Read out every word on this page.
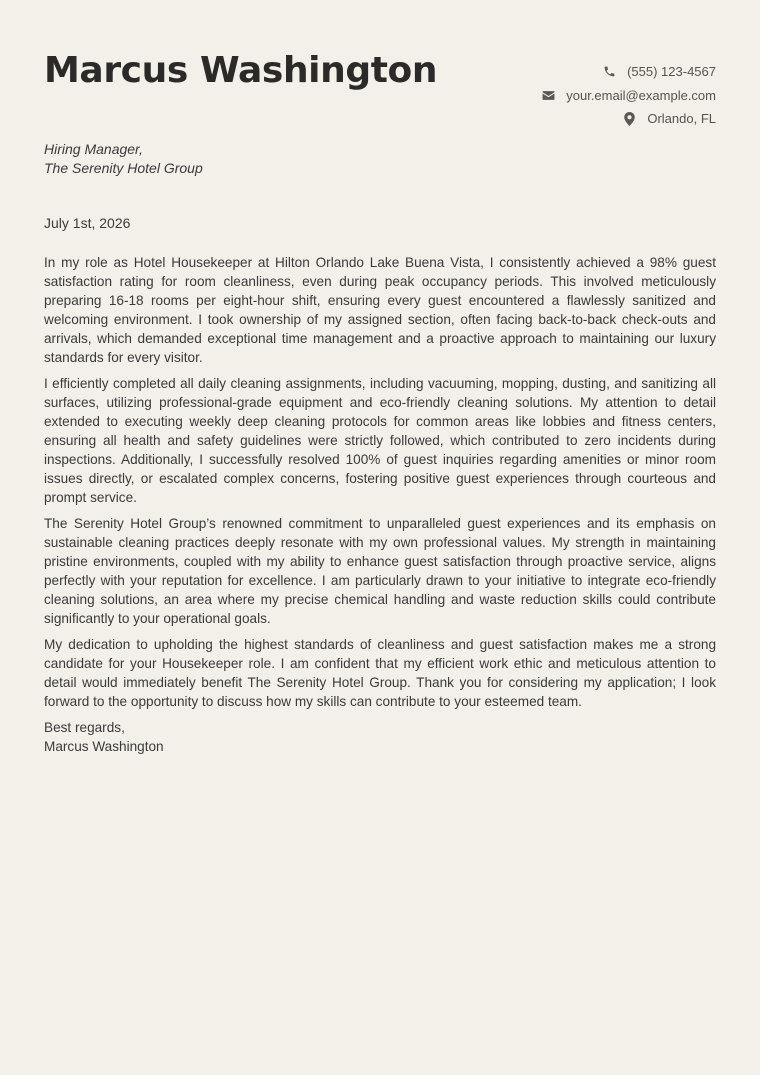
Marcus Washington	(555) 123-4567
your.email@example.com
Orlando, FL
Hiring Manager,
The Serenity Hotel Group
July 1st, 2026

In my role as Hotel Housekeeper at Hilton Orlando Lake Buena Vista, I consistently achieved a 98% guest satisfaction rating for room cleanliness, even during peak occupancy periods. This involved meticulously preparing 16-18 rooms per eight-hour shift, ensuring every guest encountered a flawlessly sanitized and welcoming environment. I took ownership of my assigned section, often facing back-to-back check-outs and arrivals, which demanded exceptional time management and a proactive approach to maintaining our luxury standards for every visitor.

I efficiently completed all daily cleaning assignments, including vacuuming, mopping, dusting, and sanitizing all surfaces, utilizing professional-grade equipment and eco-friendly cleaning solutions. My attention to detail extended to executing weekly deep cleaning protocols for common areas like lobbies and fitness centers, ensuring all health and safety guidelines were strictly followed, which contributed to zero incidents during inspections. Additionally, I successfully resolved 100% of guest inquiries regarding amenities or minor room issues directly, or escalated complex concerns, fostering positive guest experiences through courteous and prompt service.

The Serenity Hotel Group’s renowned commitment to unparalleled guest experiences and its emphasis on sustainable cleaning practices deeply resonate with my own professional values. My strength in maintaining pristine environments, coupled with my ability to enhance guest satisfaction through proactive service, aligns perfectly with your reputation for excellence. I am particularly drawn to your initiative to integrate eco-friendly cleaning solutions, an area where my precise chemical handling and waste reduction skills could contribute significantly to your operational goals.

My dedication to upholding the highest standards of cleanliness and guest satisfaction makes me a strong candidate for your Housekeeper role. I am confident that my efficient work ethic and meticulous attention to detail would immediately benefit The Serenity Hotel Group. Thank you for considering my application; I look forward to the opportunity to discuss how my skills can contribute to your esteemed team.

Best regards,
Marcus Washington
